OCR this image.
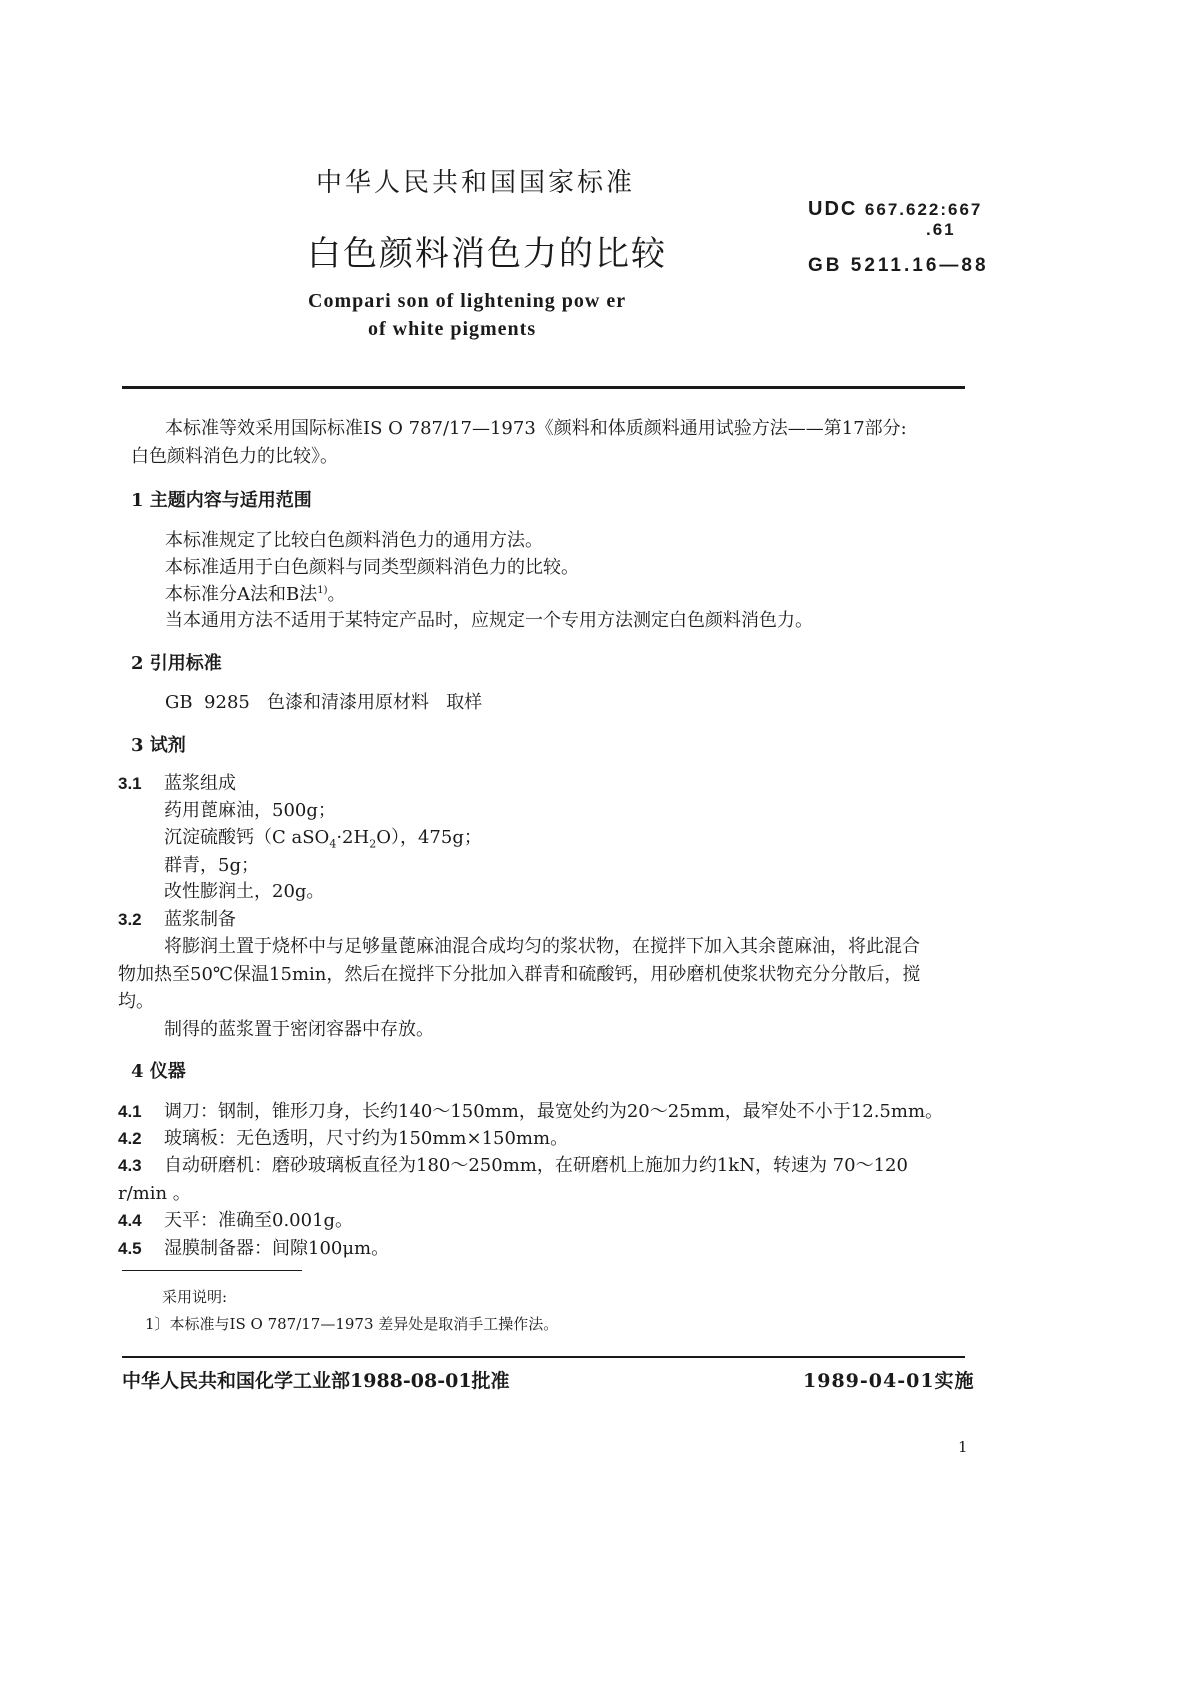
中华人民共和国国家标准
白色颜料消色力的比较
Compari son of lightening pow er
of white pigments
UDC 667.622:667
.61
GB 5211.16—88
本标准等效采用国际标准IS O 787/17—1973《颜料和体质颜料通用试验方法——第17部分:
白色颜料消色力的比较》。
1 主题内容与适用范围
本标准规定了比较白色颜料消色力的通用方法。
本标准适用于白色颜料与同类型颜料消色力的比较。
本标准分A法和B法$^{1)}$。
当本通用方法不适用于某特定产品时，应规定一个专用方法测定白色颜料消色力。
2 引用标准
GB  9285   色漆和清漆用原材料   取样
3 试剂
3.1 蓝浆组成
药用蓖麻油，500g；
沉淀硫酸钙（C $aSO_4\cdot 2H_2O$），475g；
群青，5g；
改性膨润土，20g。
3.2 蓝浆制备
将膨润土置于烧杯中与足够量蓖麻油混合成均匀的浆状物，在搅拌下加入其余蓖麻油，将此混合
物加热至50℃保温15min，然后在搅拌下分批加入群青和硫酸钙，用砂磨机使浆状物充分分散后，搅
均。
制得的蓝浆置于密闭容器中存放。
4 仪器
4.1 调刀：钢制，锥形刀身，长约140～150mm，最宽处约为20～25mm，最窄处不小于12.5mm。
4.2 玻璃板：无色透明，尺寸约为150mm×150mm。
4.3 自动研磨机：磨砂玻璃板直径为180～250mm，在研磨机上施加力约1kN，转速为 70～120
r/min 。
4.4 天平：准确至0.001g。
4.5 湿膜制备器：间隙100μm。
采用说明:
1〕本标准与IS O 787/17—1973 差异处是取消手工操作法。
中华人民共和国化学工业部1988-08-01批准	1989-04-01实施
1
